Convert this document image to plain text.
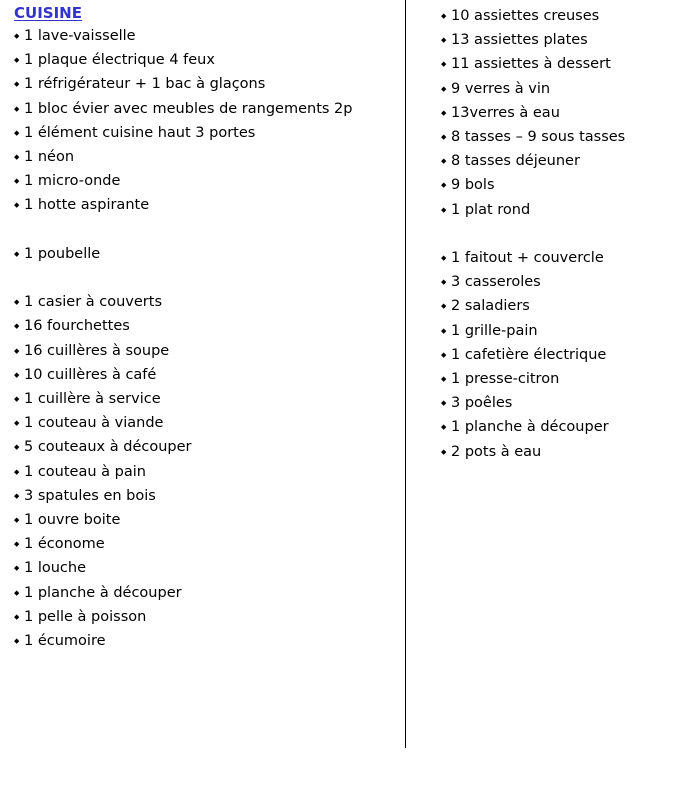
CUISINE
◆ 1 lave-vaisselle
◆ 1 plaque électrique 4 feux
◆ 1 réfrigérateur + 1 bac à glaçons
◆ 1 bloc évier avec meubles de rangements 2p
◆ 1 élément cuisine haut 3 portes
◆ 1 néon
◆ 1 micro-onde
◆ 1 hotte aspirante
◆ 1 poubelle
◆ 1 casier à couverts
◆ 16 fourchettes
◆ 16 cuillères à soupe
◆ 10 cuillères à café
◆ 1 cuillère à service
◆ 1 couteau à viande
◆ 5 couteaux à découper
◆ 1 couteau à pain
◆ 3 spatules en bois
◆ 1 ouvre boite
◆ 1 économe
◆ 1 louche
◆ 1 planche à découper
◆ 1 pelle à poisson
◆ 1 écumoire
◆ 10 assiettes creuses
◆ 13 assiettes plates
◆ 11 assiettes à dessert
◆ 9 verres à vin
◆ 13verres à eau
◆ 8 tasses – 9 sous tasses
◆ 8 tasses déjeuner
◆ 9 bols
◆ 1 plat rond
◆ 1 faitout + couvercle
◆ 3 casseroles
◆ 2 saladiers
◆ 1 grille-pain
◆ 1 cafetière électrique
◆ 1 presse-citron
◆ 3 poêles
◆ 1 planche à découper
◆ 2 pots à eau
